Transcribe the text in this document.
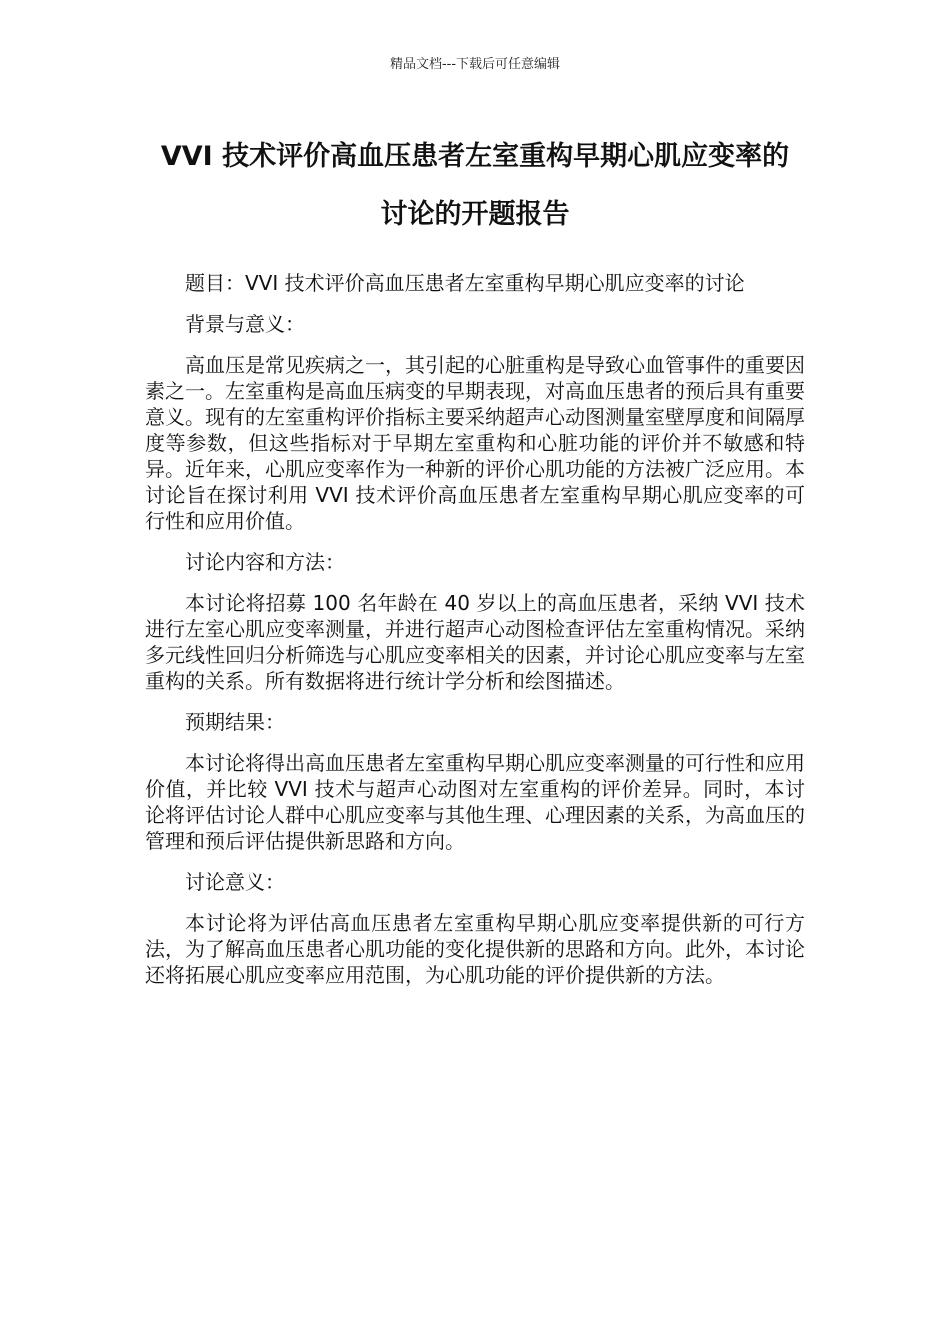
精品文档---下载后可任意编辑
VVI 技术评价高血压患者左室重构早期心肌应变率的
讨论的开题报告

题目：VVI 技术评价高血压患者左室重构早期心肌应变率的讨论

背景与意义：

高血压是常见疾病之一，其引起的心脏重构是导致心血管事件的重要因素之一。左室重构是高血压病变的早期表现，对高血压患者的预后具有重要意义。现有的左室重构评价指标主要采纳超声心动图测量室壁厚度和间隔厚度等参数，但这些指标对于早期左室重构和心脏功能的评价并不敏感和特异。近年来，心肌应变率作为一种新的评价心肌功能的方法被广泛应用。本讨论旨在探讨利用 VVI 技术评价高血压患者左室重构早期心肌应变率的可行性和应用价值。

讨论内容和方法：

本讨论将招募 100 名年龄在 40 岁以上的高血压患者，采纳 VVI 技术进行左室心肌应变率测量，并进行超声心动图检查评估左室重构情况。采纳多元线性回归分析筛选与心肌应变率相关的因素，并讨论心肌应变率与左室重构的关系。所有数据将进行统计学分析和绘图描述。

预期结果：

本讨论将得出高血压患者左室重构早期心肌应变率测量的可行性和应用价值，并比较 VVI 技术与超声心动图对左室重构的评价差异。同时，本讨论将评估讨论人群中心肌应变率与其他生理、心理因素的关系，为高血压的管理和预后评估提供新思路和方向。

讨论意义：

本讨论将为评估高血压患者左室重构早期心肌应变率提供新的可行方法，为了解高血压患者心肌功能的变化提供新的思路和方向。此外，本讨论还将拓展心肌应变率应用范围，为心肌功能的评价提供新的方法。
